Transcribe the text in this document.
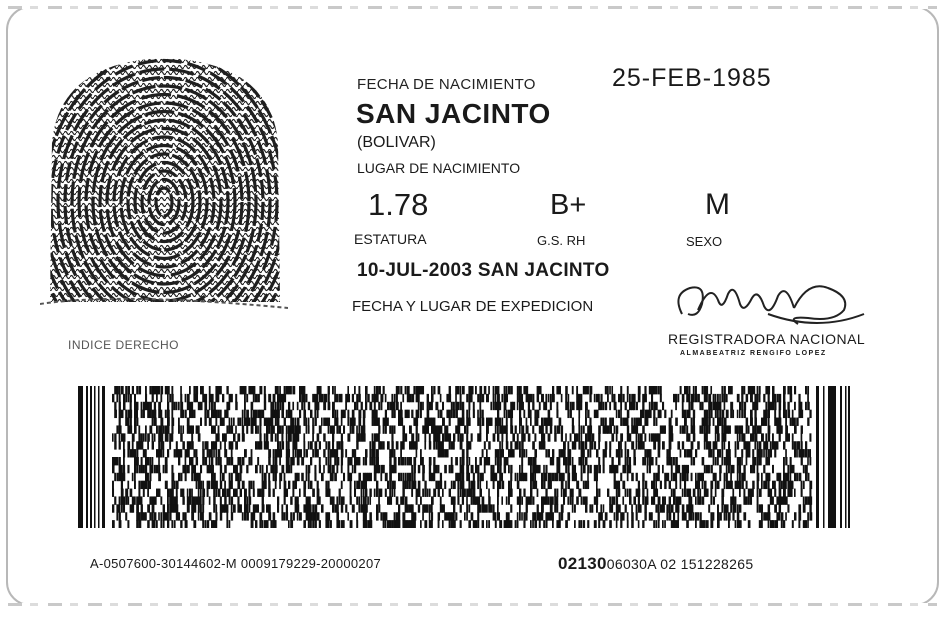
INDICE DERECHO
FECHA DE NACIMIENTO	25-FEB-1985
SAN JACINTO
(BOLIVAR)
LUGAR DE NACIMIENTO
1.78	B+	M
ESTATURA	G.S. RH	SEXO
10-JUL-2003 SAN JACINTO
FECHA Y LUGAR DE EXPEDICION
REGISTRADORA NACIONAL
ALMABEATRIZ RENGIFO LOPEZ
A-0507600-30144602-M 0009179229-20000207	0213006030A 02 151228265
